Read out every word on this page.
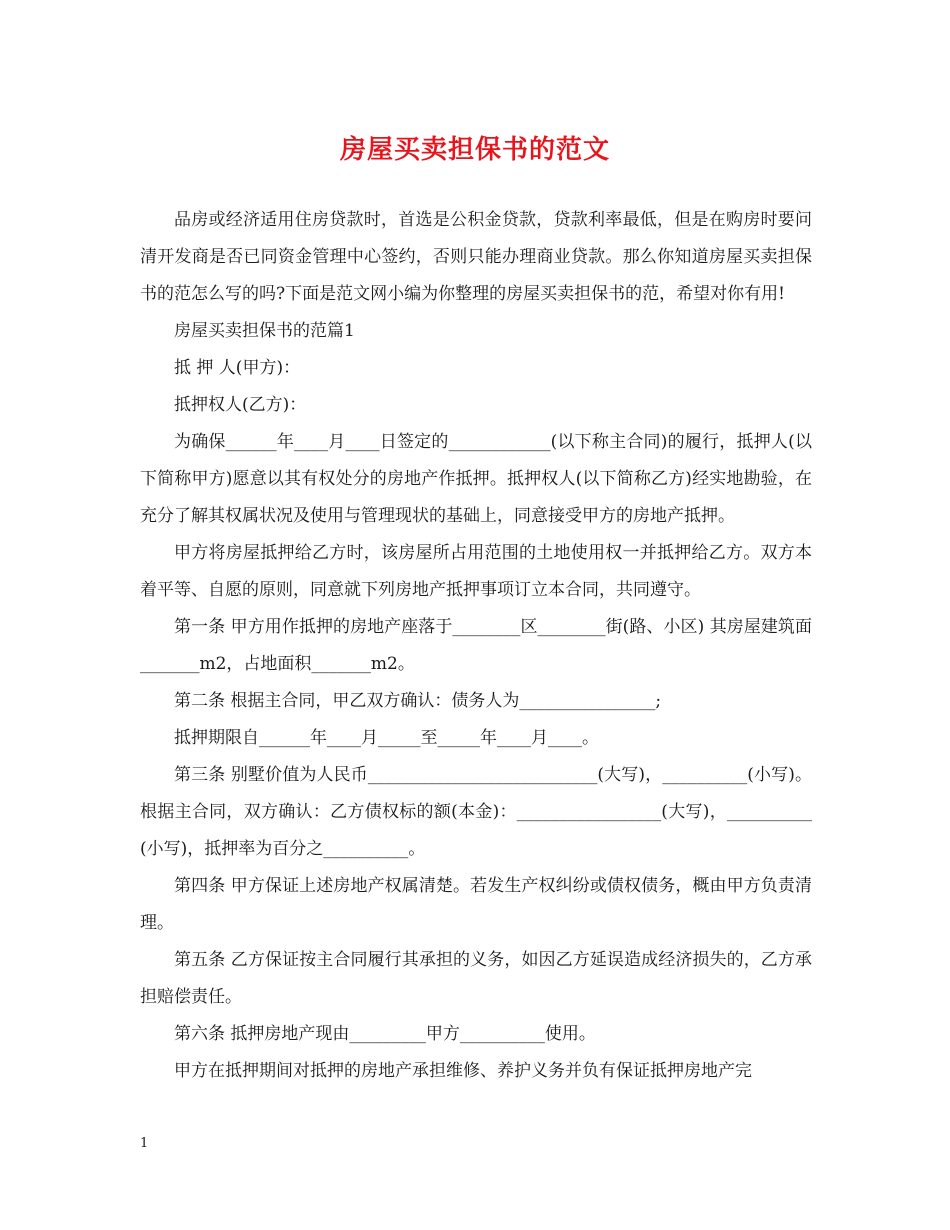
房屋买卖担保书的范文

品房或经济适用住房贷款时，首选是公积金贷款，贷款利率最低，但是在购房时要问清开发商是否已同资金管理中心签约，否则只能办理商业贷款。那么你知道房屋买卖担保书的范怎么写的吗?下面是范文网小编为你整理的房屋买卖担保书的范，希望对你有用!

房屋买卖担保书的范篇1

抵 押 人(甲方)：

抵押权人(乙方)：

为确保______年____月____日签定的____________(以下称主合同)的履行，抵押人(以下简称甲方)愿意以其有权处分的房地产作抵押。抵押权人(以下简称乙方)经实地勘验，在充分了解其权属状况及使用与管理现状的基础上，同意接受甲方的房地产抵押。

甲方将房屋抵押给乙方时，该房屋所占用范围的土地使用权一并抵押给乙方。双方本着平等、自愿的原则，同意就下列房地产抵押事项订立本合同，共同遵守。

第一条 甲方用作抵押的房地产座落于________区________街(路、小区) 其房屋建筑面_______m2，占地面积_______m2。

第二条 根据主合同，甲乙双方确认：债务人为________________;

抵押期限自______年____月_____至_____年____月____。

第三条 别墅价值为人民币___________________________(大写)，__________(小写)。根据主合同，双方确认：乙方债权标的额(本金)：_________________(大写)，__________(小写)，抵押率为百分之__________。

第四条 甲方保证上述房地产权属清楚。若发生产权纠纷或债权债务，概由甲方负责清理。

第五条 乙方保证按主合同履行其承担的义务，如因乙方延误造成经济损失的，乙方承担赔偿责任。

第六条 抵押房地产现由_________甲方__________使用。

甲方在抵押期间对抵押的房地产承担维修、养护义务并负有保证抵押房地产完

1
